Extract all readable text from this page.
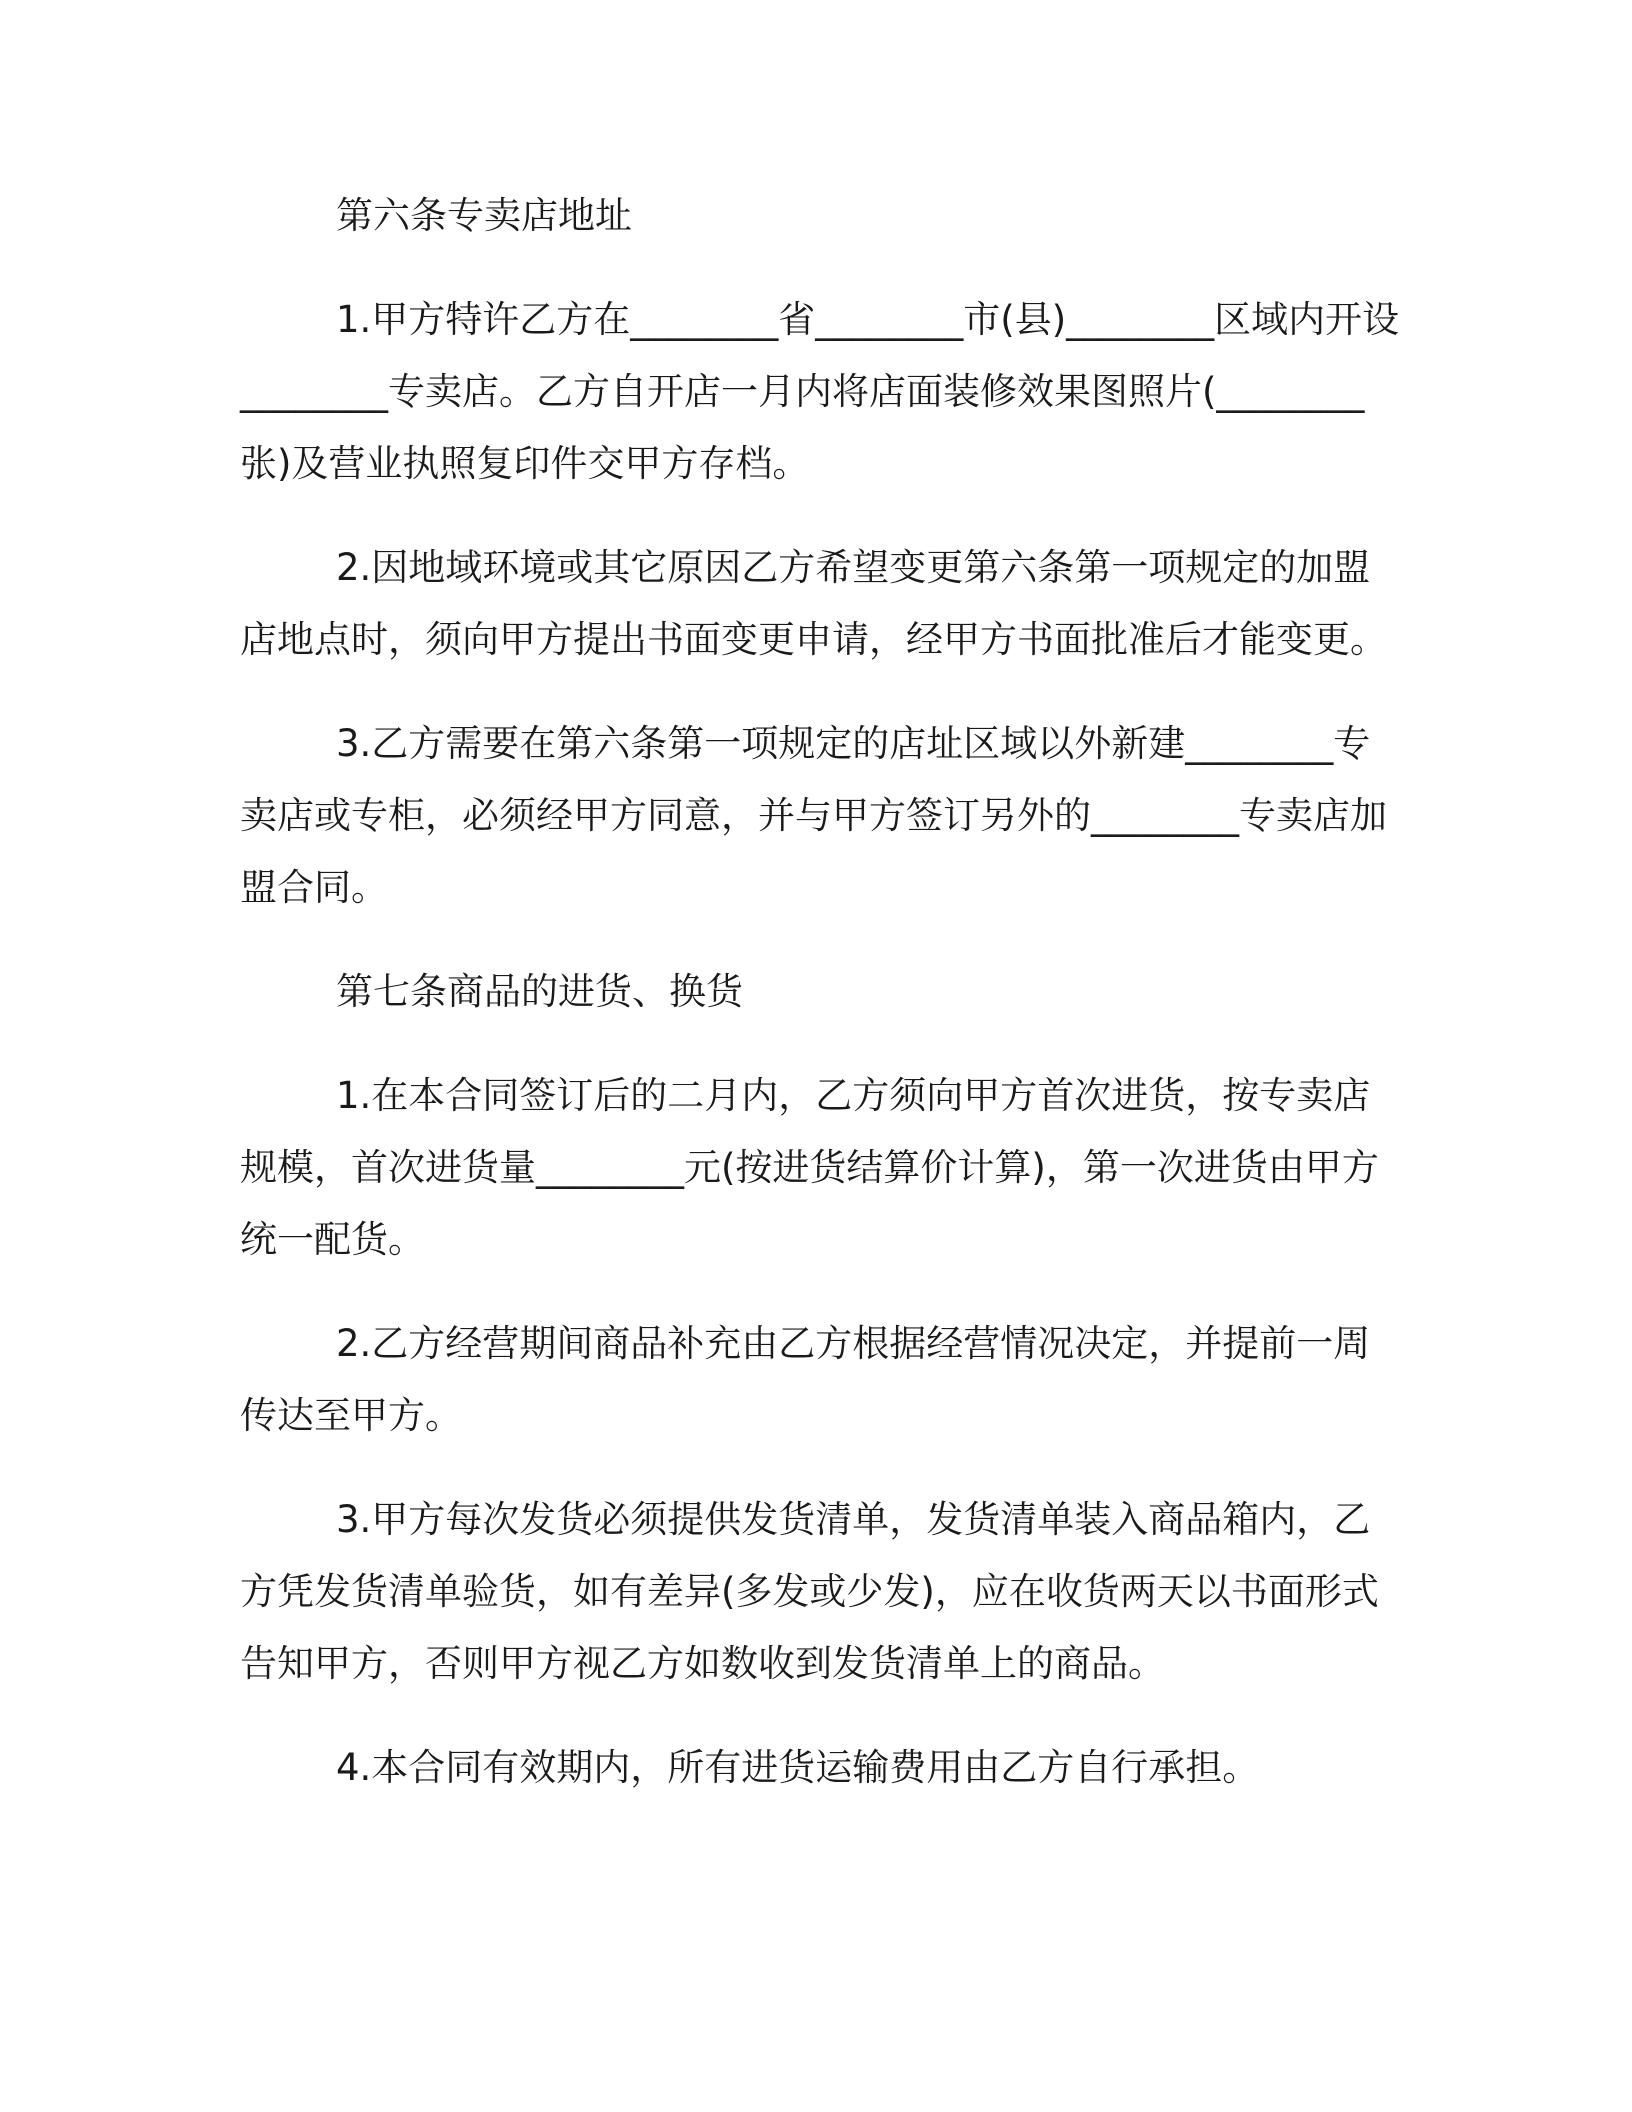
第六条专卖店地址

1.甲方特许乙方在________省________市(县)________区域内开设________专卖店。乙方自开店一月内将店面装修效果图照片(________张)及营业执照复印件交甲方存档。

2.因地域环境或其它原因乙方希望变更第六条第一项规定的加盟店地点时，须向甲方提出书面变更申请，经甲方书面批准后才能变更。

3.乙方需要在第六条第一项规定的店址区域以外新建________专卖店或专柜，必须经甲方同意，并与甲方签订另外的________专卖店加盟合同。

第七条商品的进货、换货

1.在本合同签订后的二月内，乙方须向甲方首次进货，按专卖店规模，首次进货量________元(按进货结算价计算)，第一次进货由甲方统一配货。

2.乙方经营期间商品补充由乙方根据经营情况决定，并提前一周传达至甲方。

3.甲方每次发货必须提供发货清单，发货清单装入商品箱内，乙方凭发货清单验货，如有差异(多发或少发)，应在收货两天以书面形式告知甲方，否则甲方视乙方如数收到发货清单上的商品。

4.本合同有效期内，所有进货运输费用由乙方自行承担。
